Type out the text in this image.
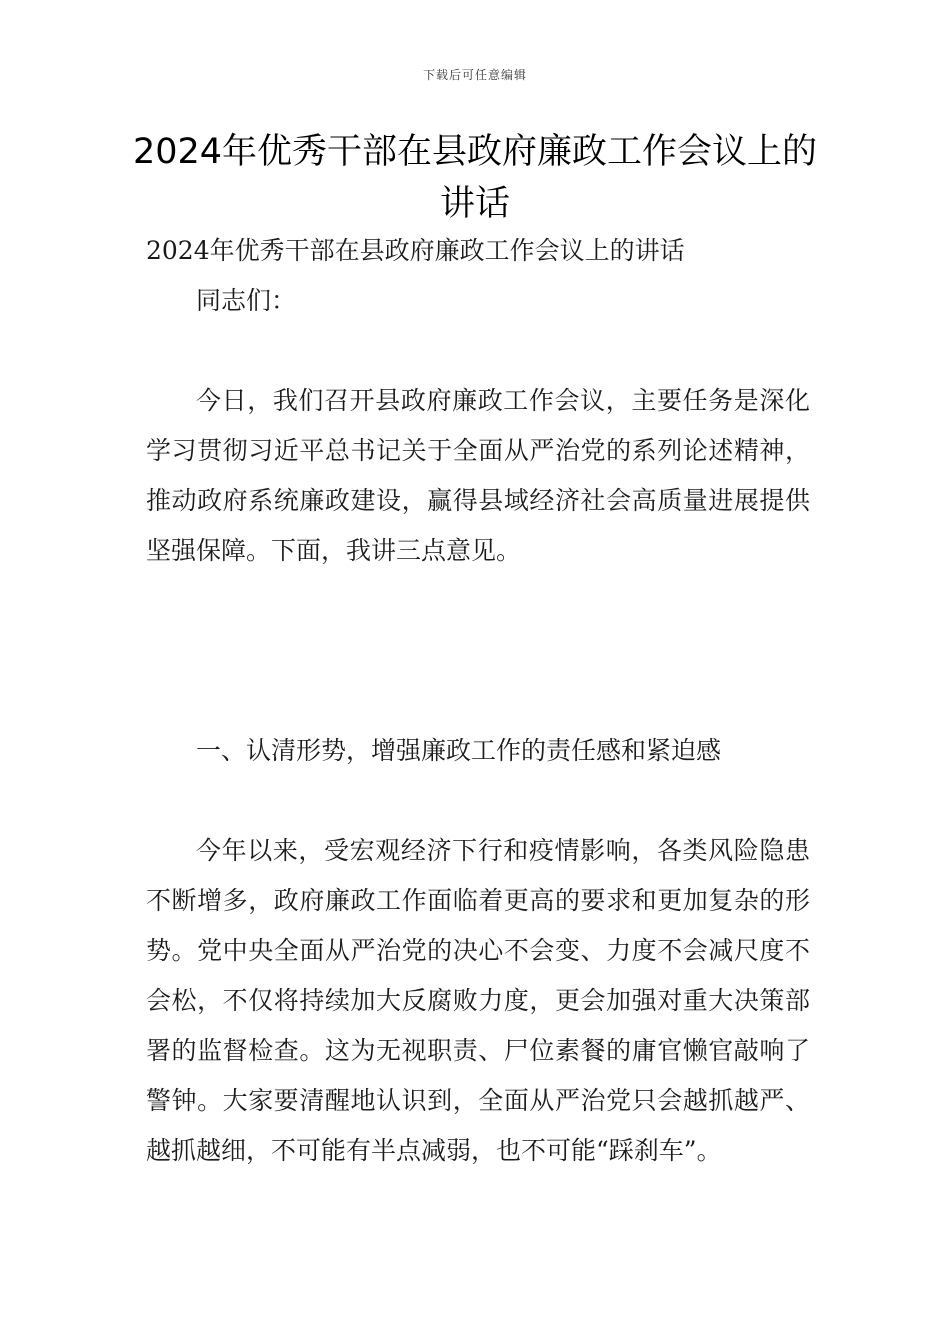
下载后可任意编辑
2024年优秀干部在县政府廉政工作会议上的讲话

2024年优秀干部在县政府廉政工作会议上的讲话

同志们：

今日，我们召开县政府廉政工作会议，主要任务是深化学习贯彻习近平总书记关于全面从严治党的系列论述精神，推动政府系统廉政建设，赢得县域经济社会高质量进展提供坚强保障。下面，我讲三点意见。

一、认清形势，增强廉政工作的责任感和紧迫感

今年以来，受宏观经济下行和疫情影响，各类风险隐患不断增多，政府廉政工作面临着更高的要求和更加复杂的形势。党中央全面从严治党的决心不会变、力度不会减尺度不会松，不仅将持续加大反腐败力度，更会加强对重大决策部署的监督检查。这为无视职责、尸位素餐的庸官懒官敲响了警钟。大家要清醒地认识到，全面从严治党只会越抓越严、越抓越细，不可能有半点减弱，也不可能“踩刹车”。
